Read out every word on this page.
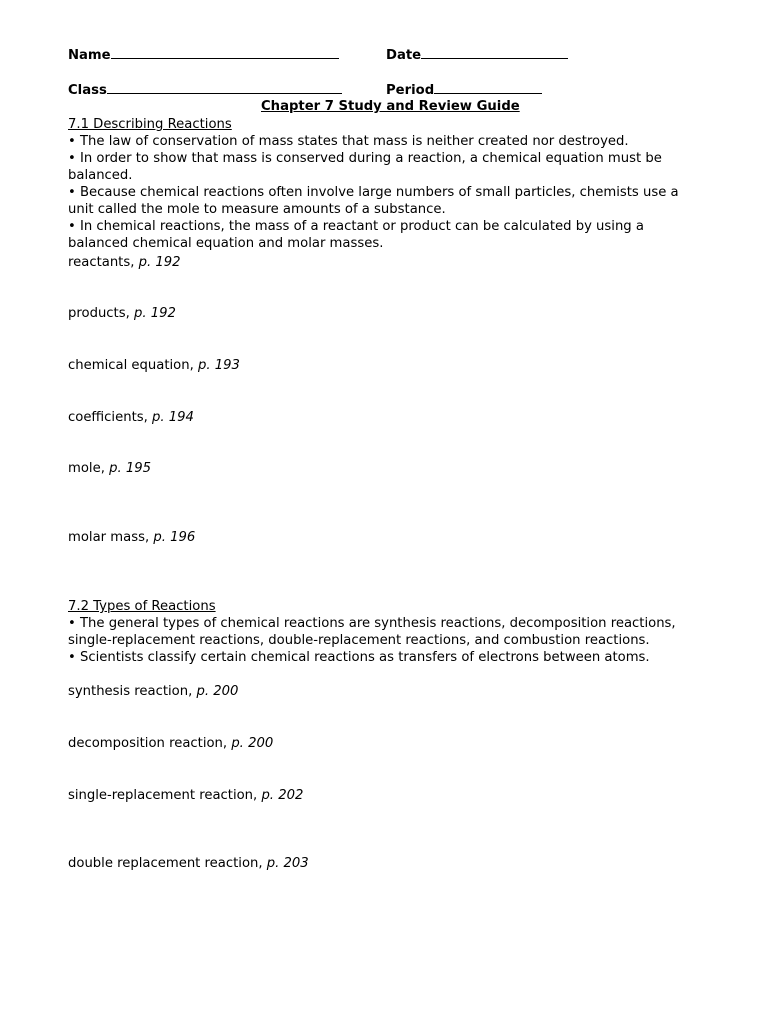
Name	Date
Class	Period
Chapter 7 Study and Review Guide
7.1 Describing Reactions

• The law of conservation of mass states that mass is neither created nor destroyed.

• In order to show that mass is conserved during a reaction, a chemical equation must be balanced.

• Because chemical reactions often involve large numbers of small particles, chemists use a unit called the mole to measure amounts of a substance.

• In chemical reactions, the mass of a reactant or product can be calculated by using a balanced chemical equation and molar masses.

reactants, p. 192
products, p. 192
chemical equation, p. 193
coefficients, p. 194
mole, p. 195
molar mass, p. 196
7.2 Types of Reactions

• The general types of chemical reactions are synthesis reactions, decomposition reactions, single-replacement reactions, double-replacement reactions, and combustion reactions.

• Scientists classify certain chemical reactions as transfers of electrons between atoms.

synthesis reaction, p. 200
decomposition reaction, p. 200
single-replacement reaction, p. 202
double replacement reaction, p. 203
